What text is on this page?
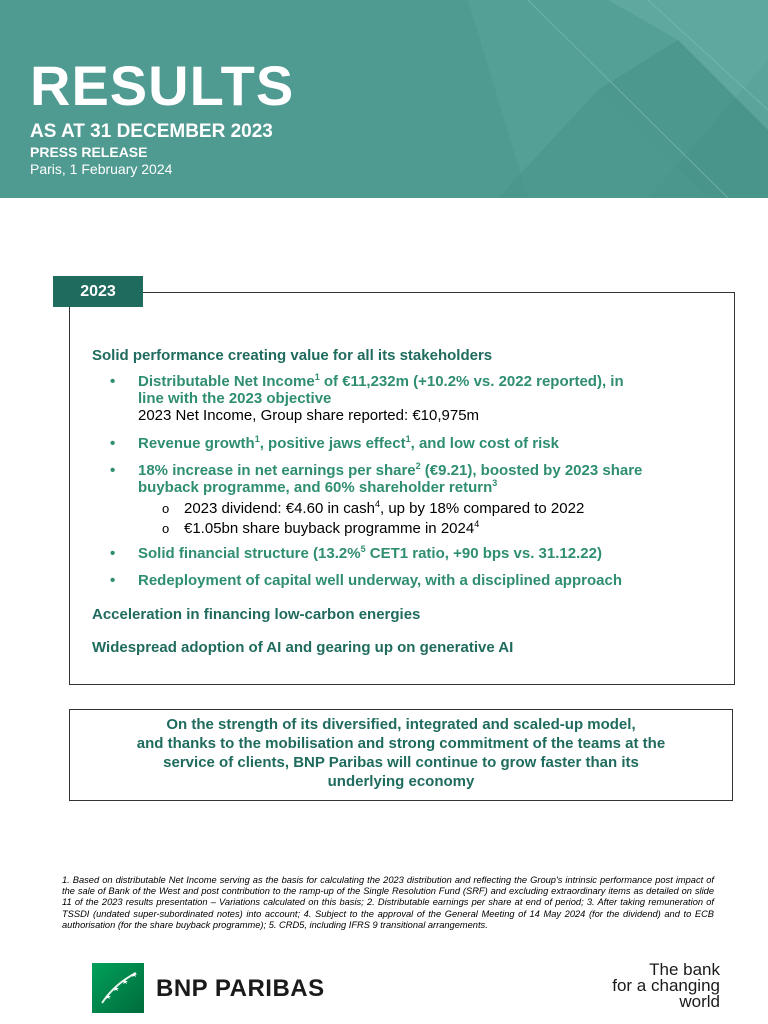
RESULTS
AS AT 31 DECEMBER 2023
PRESS RELEASE
Paris, 1 February 2024
2023
Solid performance creating value for all its stakeholders
• Distributable Net Income$^1$ of €11,232m (+10.2% vs. 2022 reported), in
line with the 2023 objective
2023 Net Income, Group share reported: €10,975m
• Revenue growth$^1$, positive jaws effect$^1$, and low cost of risk
• 18% increase in net earnings per share$^2$ (€9.21), boosted by 2023 share
buyback programme, and 60% shareholder return$^3$
o 2023 dividend: €4.60 in cash$^4$, up by 18% compared to 2022
o €1.05bn share buyback programme in 2024$^4$
• Solid financial structure (13.2%$^5$ CET1 ratio, +90 bps vs. 31.12.22)
• Redeployment of capital well underway, with a disciplined approach
Acceleration in financing low-carbon energies
Widespread adoption of AI and gearing up on generative AI
On the strength of its diversified, integrated and scaled-up model,
and thanks to the mobilisation and strong commitment of the teams at the
service of clients, BNP Paribas will continue to grow faster than its
underlying economy
1. Based on distributable Net Income serving as the basis for calculating the 2023 distribution and reflecting the Group's intrinsic performance post impact of the sale of Bank of the West and post contribution to the ramp-up of the Single Resolution Fund (SRF) and excluding extraordinary items as detailed on slide 11 of the 2023 results presentation – Variations calculated on this basis; 2. Distributable earnings per share at end of period; 3. After taking remuneration of TSSDI (undated super-subordinated notes) into account; 4. Subject to the approval of the General Meeting of 14 May 2024 (for the dividend) and to ECB authorisation (for the share buyback programme); 5. CRD5, including IFRS 9 transitional arrangements.
BNP PARIBAS
The bank
for a changing
world
